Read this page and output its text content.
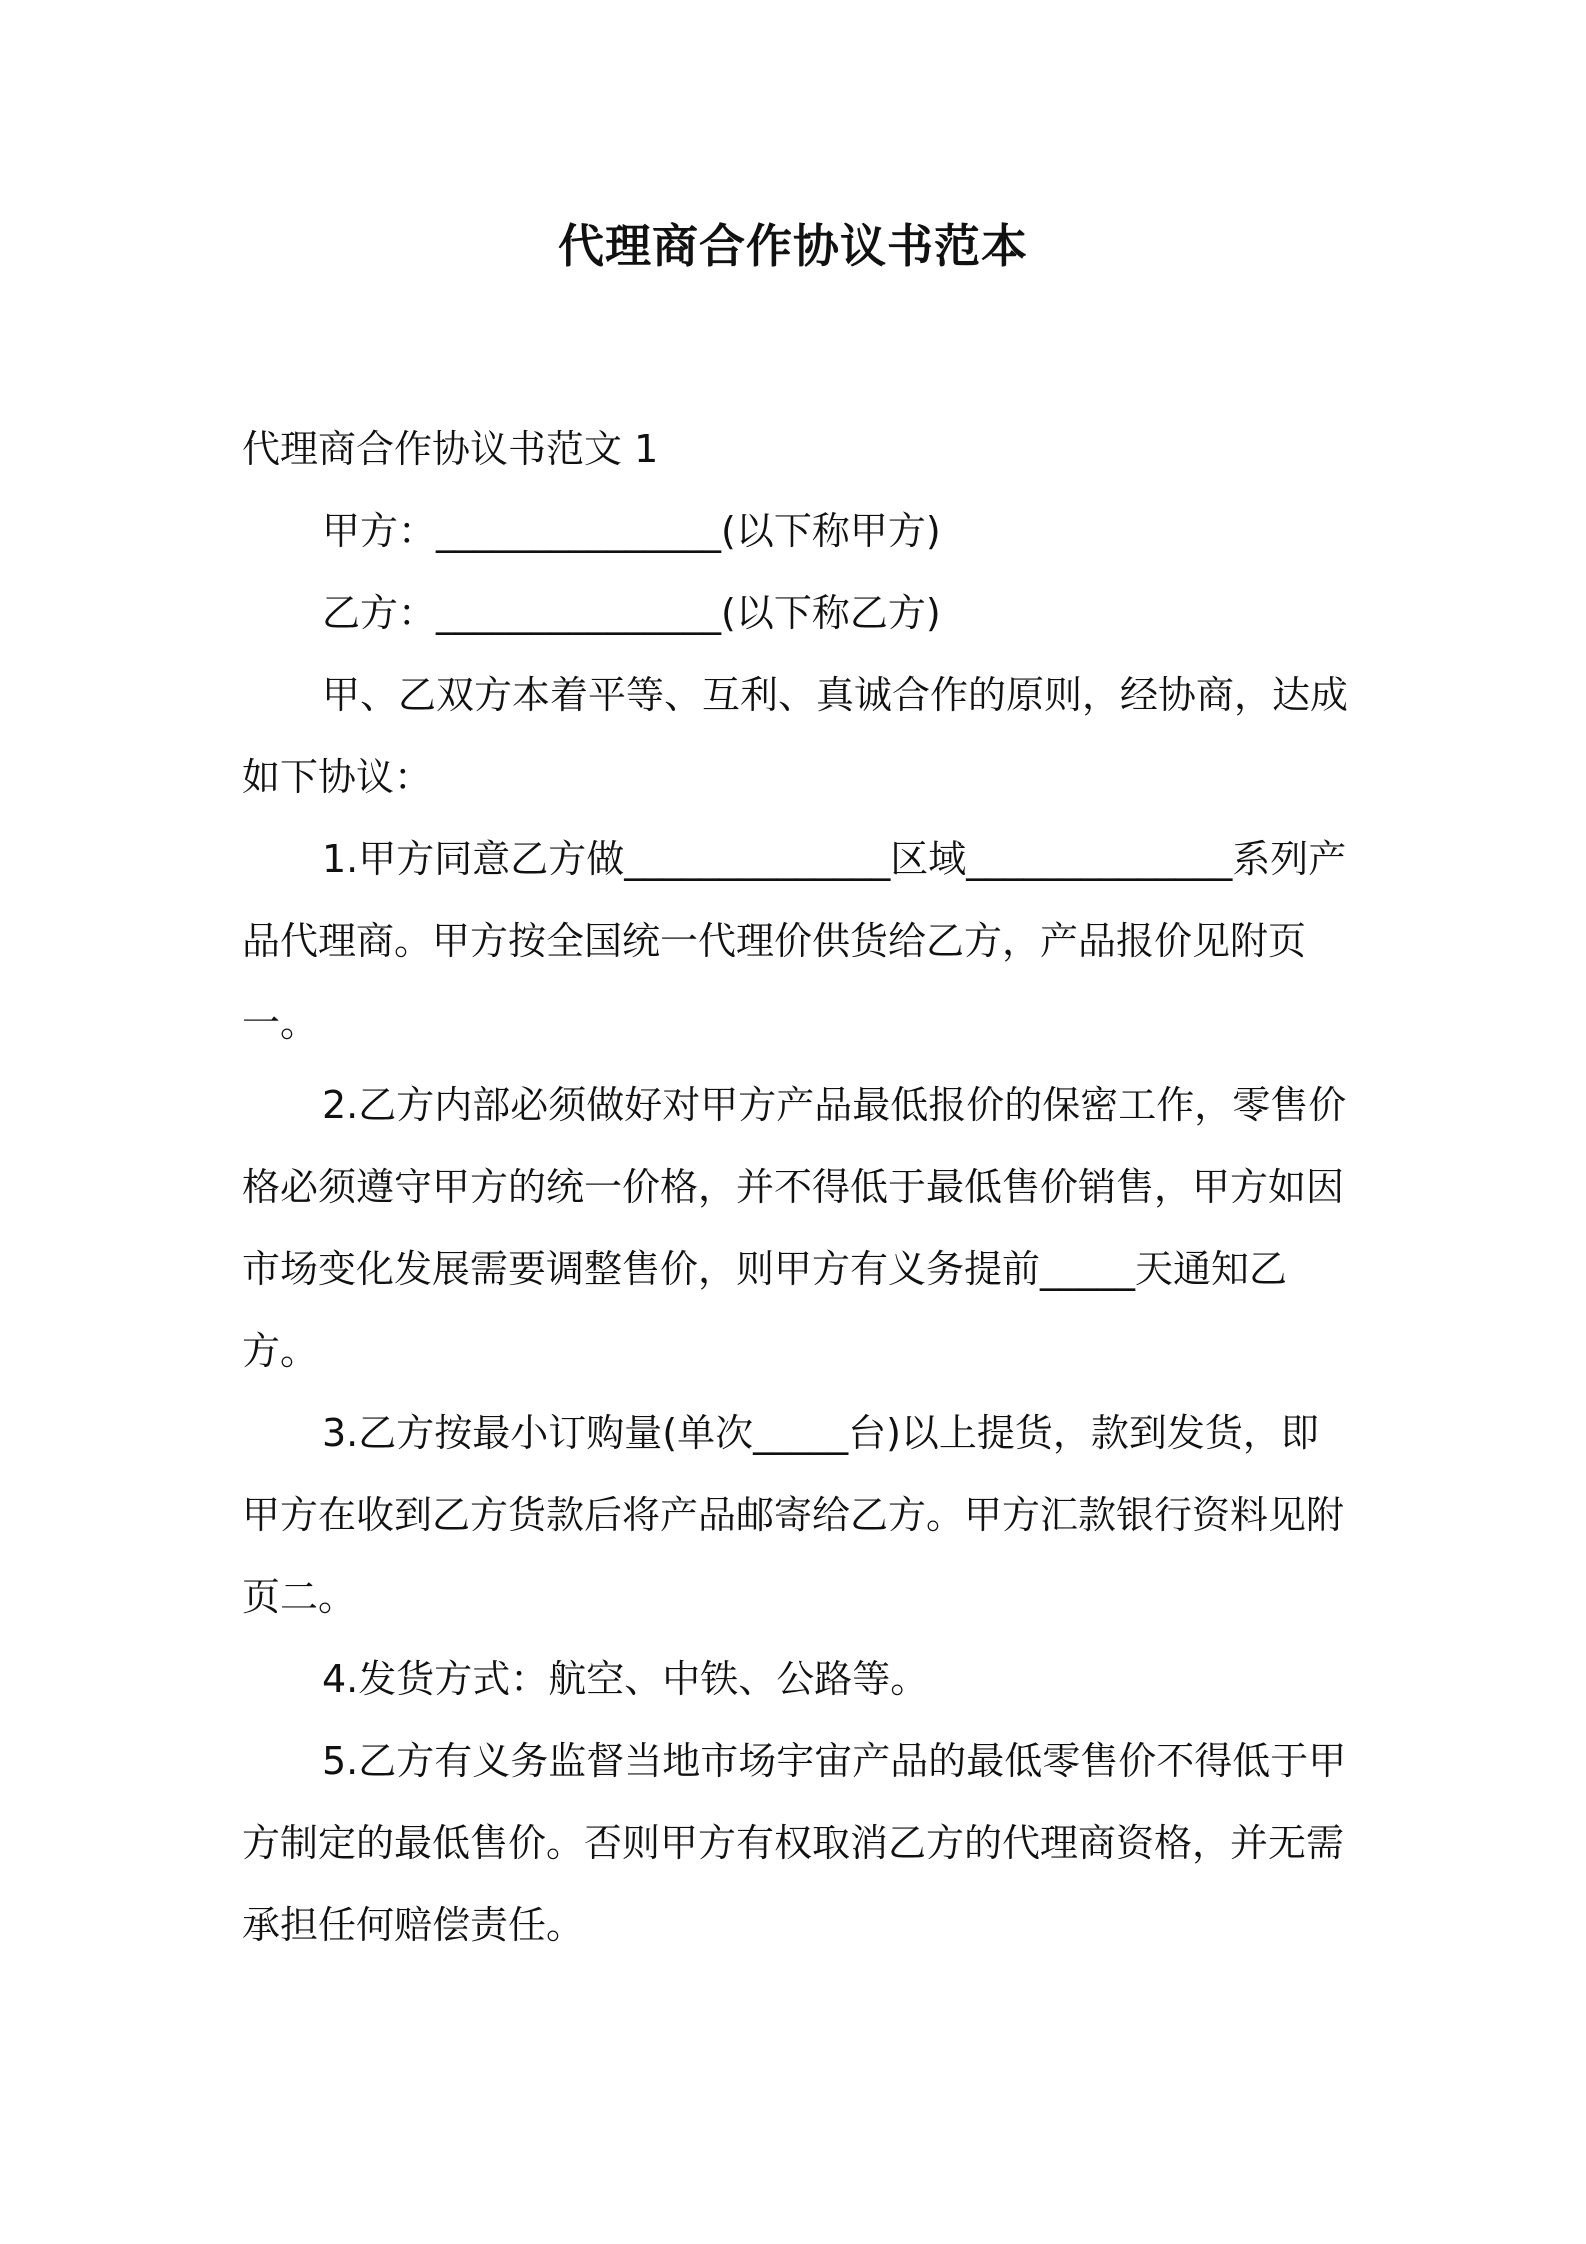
代理商合作协议书范本

代理商合作协议书范文 1

甲方：_______________(以下称甲方)

乙方：_______________(以下称乙方)

甲、乙双方本着平等、互利、真诚合作的原则，经协商，达成如下协议：

1.甲方同意乙方做______________区域______________系列产品代理商。甲方按全国统一代理价供货给乙方，产品报价见附页一。

2.乙方内部必须做好对甲方产品最低报价的保密工作，零售价格必须遵守甲方的统一价格，并不得低于最低售价销售，甲方如因市场变化发展需要调整售价，则甲方有义务提前_____天通知乙方。

3.乙方按最小订购量(单次_____台)以上提货，款到发货，即甲方在收到乙方货款后将产品邮寄给乙方。甲方汇款银行资料见附页二。

4.发货方式：航空、中铁、公路等。

5.乙方有义务监督当地市场宇宙产品的最低零售价不得低于甲方制定的最低售价。否则甲方有权取消乙方的代理商资格，并无需承担任何赔偿责任。
